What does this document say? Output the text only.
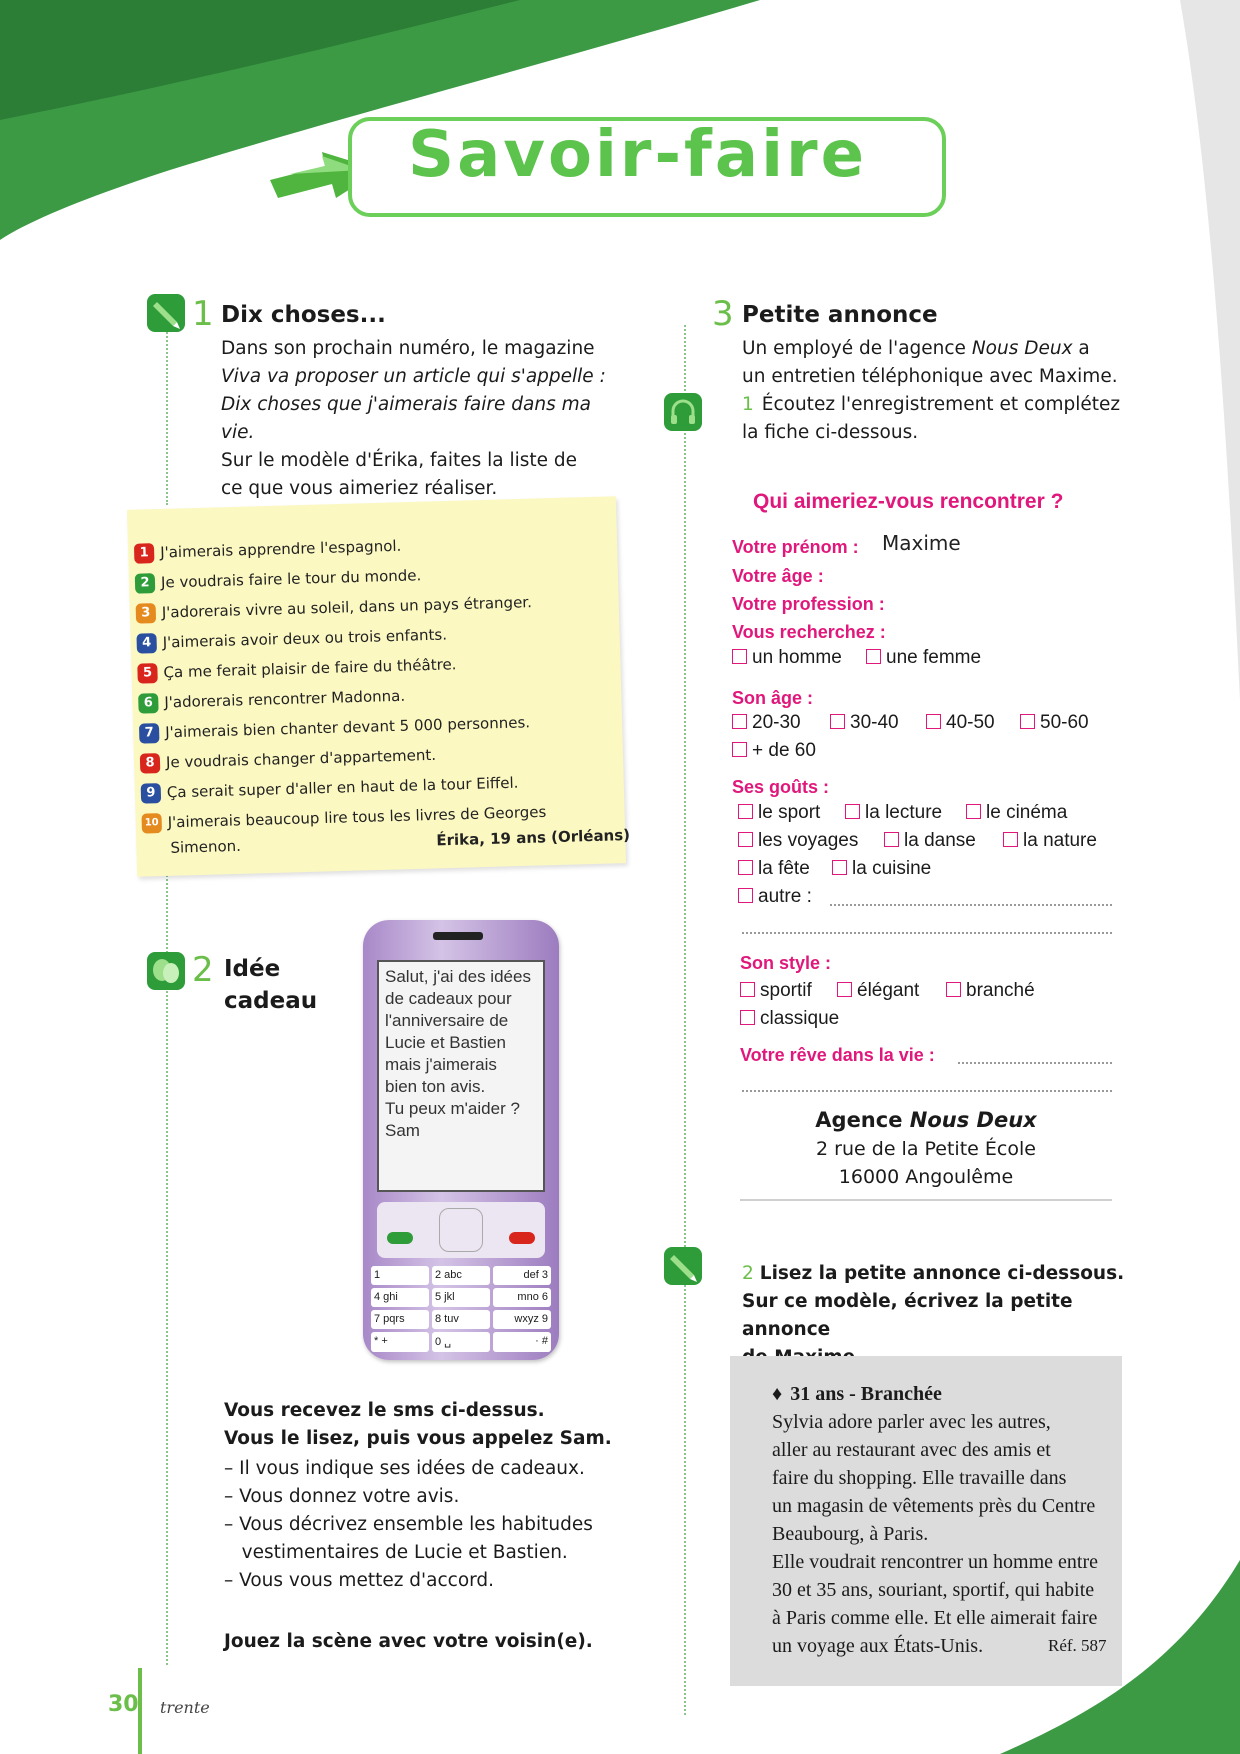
Savoir-faire
1 Dix choses...
Dans son prochain numéro, le magazine
Viva va proposer un article qui s'appelle :
Dix choses que j'aimerais faire dans ma vie.
Sur le modèle d'Érika, faites la liste de
ce que vous aimeriez réaliser.
1 J'aimerais apprendre l'espagnol.
2 Je voudrais faire le tour du monde.
3 J'adorerais vivre au soleil, dans un pays étranger.
4 J'aimerais avoir deux ou trois enfants.
5 Ça me ferait plaisir de faire du théâtre.
6 J'adorerais rencontrer Madonna.
7 J'aimerais bien chanter devant 5 000 personnes.
8 Je voudrais changer d'appartement.
9 Ça serait super d'aller en haut de la tour Eiffel.
10 J'aimerais beaucoup lire tous les livres de Georges
Simenon.	Érika, 19 ans (Orléans)
2 Idée
cadeau
Salut, j'ai des idées
de cadeaux pour
l'anniversaire de
Lucie et Bastien
mais j'aimerais
bien ton avis.
Tu peux m'aider ?
Sam
1	2 abc	def 3
4 ghi	5 jkl	mno 6
7 pqrs	8 tuv	wxyz 9
* +	0 ␣	· #
Vous recevez le sms ci-dessus.
Vous le lisez, puis vous appelez Sam.
– Il vous indique ses idées de cadeaux.
– Vous donnez votre avis.
– Vous décrivez ensemble les habitudes
vestimentaires de Lucie et Bastien.
– Vous vous mettez d'accord.
Jouez la scène avec votre voisin(e).
3 Petite annonce
Un employé de l'agence Nous Deux a
un entretien téléphonique avec Maxime.
1 Écoutez l'enregistrement et complétez
la fiche ci-dessous.
Qui aimeriez-vous rencontrer ?
Votre prénom : Maxime
Votre âge :
Votre profession :
Vous recherchez :
un homme	une femme
Son âge :
20-30	30-40	40-50	50-60
+ de 60
Ses goûts :
le sport	la lecture	le cinéma
les voyages	la danse	la nature
la fête	la cuisine
autre :
Son style :
sportif	élégant	branché
classique
Votre rêve dans la vie :
Agence Nous Deux
2 rue de la Petite École
16000 Angoulême
2 Lisez la petite annonce ci-dessous.
Sur ce modèle, écrivez la petite annonce
♦ 31 ans - Branchée
Sylvia adore parler avec les autres,
aller au restaurant avec des amis et
faire du shopping. Elle travaille dans
un magasin de vêtements près du Centre
Beaubourg, à Paris.
Elle voudrait rencontrer un homme entre
30 et 35 ans, souriant, sportif, qui habite
à Paris comme elle. Et elle aimerait faire
un voyage aux États-Unis.	Réf. 587
30 trente
